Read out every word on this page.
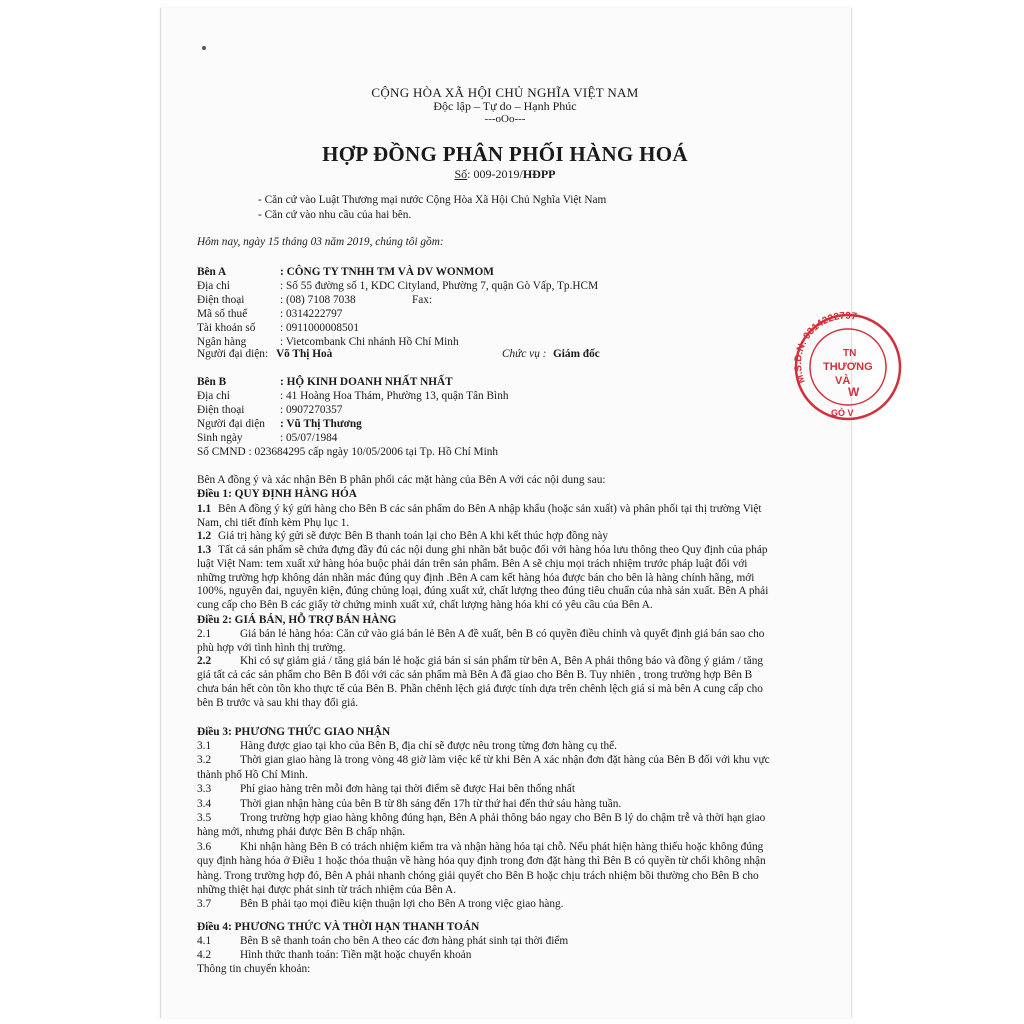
CỘNG HÒA XÃ HỘI CHỦ NGHĨA VIỆT NAM
Độc lập – Tự do – Hạnh Phúc
---oOo---
HỢP ĐỒNG PHÂN PHỐI HÀNG HOÁ
Số: 009-2019/HĐPP
- Căn cứ vào Luật Thương mại nước Cộng Hòa Xã Hội Chủ Nghĩa Việt Nam
- Căn cứ vào nhu cầu của hai bên.
Hôm nay, ngày 15 tháng 03 năm 2019, chúng tôi gồm:
Bên A	: CÔNG TY TNHH TM VÀ DV WONMOM
Địa chỉ	: Số 55 đường số 1, KDC Cityland, Phường 7, quận Gò Vấp, Tp.HCM
Điện thoại	: (08) 7108 7038	Fax:
Mã số thuế	: 0314222797
Tài khoản số : 0911000008501
Ngân hàng	: Vietcombank Chi nhánh Hồ Chí Minh
Người đại diện: Võ Thị Hoà	Chức vụ : Giám đốc
Bên B	: HỘ KINH DOANH NHẤT NHẤT
Địa chỉ	: 41 Hoàng Hoa Thám, Phường 13, quận Tân Bình
Điện thoại	: 0907270357
Người đại diện : Vũ Thị Thương
Sinh ngày	: 05/07/1984
Số CMND : 023684295 cấp ngày 10/05/2006 tại Tp. Hồ Chí Minh
Bên A đồng ý và xác nhận Bên B phân phối các mặt hàng của Bên A với các nội dung sau:
Điều 1: QUY ĐỊNH HÀNG HÓA
1.1 Bên A đồng ý ký gửi hàng cho Bên B các sản phẩm do Bên A nhập khẩu (hoặc sản xuất) và phân phối tại thị trường Việt
Nam, chi tiết đính kèm Phụ lục 1.
1.2 Giá trị hàng ký gửi sẽ được Bên B thanh toán lại cho Bên A khi kết thúc hợp đồng này
1.3 Tất cả sản phẩm sẽ chứa đựng đầy đủ các nội dung ghi nhãn bắt buộc đối với hàng hóa lưu thông theo Quy định của pháp
luật Việt Nam: tem xuất xứ hàng hóa buộc phải dán trên sản phẩm. Bên A sẽ chịu mọi trách nhiệm trước pháp luật đối với
những trường hợp không dán nhãn mác đúng quy định .Bên A cam kết hàng hóa được bán cho bên là hàng chính hãng, mới
100%, nguyên đai, nguyên kiện, đúng chủng loại, đúng xuất xứ, chất lượng theo đúng tiêu chuẩn của nhà sản xuất. Bên A phải
cung cấp cho Bên B các giấy tờ chứng minh xuất xứ, chất lượng hàng hóa khi có yêu cầu của Bên A.
Điều 2: GIÁ BÁN, HỖ TRỢ BÁN HÀNG
2.1	Giá bán lẻ hàng hóa: Căn cứ vào giá bán lẻ Bên A đề xuất, bên B có quyền điều chỉnh và quyết định giá bán sao cho
phù hợp với tình hình thị trường.
2.2	Khi có sự giảm giá / tăng giá bán lẻ hoặc giá bán sỉ sản phẩm từ bên A, Bên A phải thông báo và đồng ý giảm / tăng
giá tất cả các sản phẩm cho Bên B đối với các sản phẩm mà Bên A đã giao cho Bên B. Tuy nhiên , trong trường hợp Bên B
chưa bán hết còn tồn kho thực tế của Bên B. Phần chênh lệch giá được tính dựa trên chênh lệch giá sỉ mà bên A cung cấp cho
bên B trước và sau khi thay đổi giá.
Điều 3: PHƯƠNG THỨC GIAO NHẬN
3.1	Hàng được giao tại kho của Bên B, địa chỉ sẽ được nêu trong từng đơn hàng cụ thể.
3.2	Thời gian giao hàng là trong vòng 48 giờ làm việc kể từ khi Bên A xác nhận đơn đặt hàng của Bên B đối với khu vực
thành phố Hồ Chí Minh.
3.3	Phí giao hàng trên mỗi đơn hàng tại thời điểm sẽ được Hai bên thống nhất
3.4	Thời gian nhận hàng của bên B từ 8h sáng đến 17h từ thứ hai đến thứ sáu hàng tuần.
3.5	Trong trường hợp giao hàng không đúng hạn, Bên A phải thông báo ngay cho Bên B lý do chậm trễ và thời hạn giao
hàng mới, nhưng phải được Bên B chấp nhận.
3.6	Khi nhận hàng Bên B có trách nhiệm kiểm tra và nhận hàng hóa tại chỗ. Nếu phát hiện hàng thiếu hoặc không đúng
quy định hàng hóa ở Điều 1 hoặc thỏa thuận về hàng hóa quy định trong đơn đặt hàng thì Bên B có quyền từ chối không nhận
hàng. Trong trường hợp đó, Bên A phải nhanh chóng giải quyết cho Bên B hoặc chịu trách nhiệm bồi thường cho Bên B cho
những thiệt hại được phát sinh từ trách nhiệm của Bên A.
3.7	Bên B phải tạo mọi điều kiện thuận lợi cho Bên A trong việc giao hàng.
Điều 4: PHƯƠNG THỨC VÀ THỜI HẠN THANH TOÁN
4.1	Bên B sẽ thanh toán cho bên A theo các đơn hàng phát sinh tại thời điểm
4.2	Hình thức thanh toán: Tiền mặt hoặc chuyển khoản
Thông tin chuyển khoản:
M.S.D.N: 0314222797
TN
THƯƠNG
VÀ
W
GÒ V
